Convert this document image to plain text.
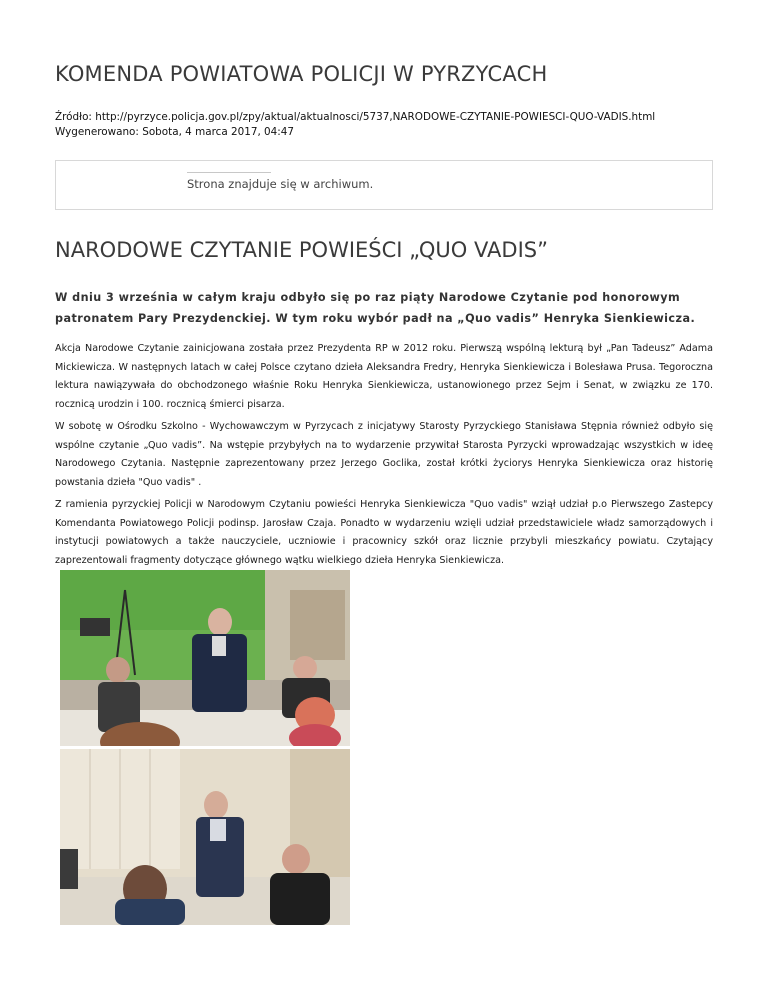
KOMENDA POWIATOWA POLICJI W PYRZYCACH
Źródło: http://pyrzyce.policja.gov.pl/zpy/aktual/aktualnosci/5737,NARODOWE-CZYTANIE-POWIESCI-QUO-VADIS.html
Wygenerowano: Sobota, 4 marca 2017, 04:47
Strona znajduje się w archiwum.
NARODOWE CZYTANIE POWIEŚCI „QUO VADIS”

W dniu 3 września w całym kraju odbyło się po raz piąty Narodowe Czytanie pod honorowym patronatem Pary Prezydenckiej. W tym roku wybór padł na „Quo vadis” Henryka Sienkiewicza.

Akcja Narodowe Czytanie zainicjowana została przez Prezydenta RP w 2012 roku. Pierwszą wspólną lekturą był „Pan Tadeusz” Adama Mickiewicza. W następnych latach w całej Polsce czytano dzieła Aleksandra Fredry, Henryka Sienkiewicza i Bolesława Prusa. Tegoroczna lektura nawiązywała do obchodzonego właśnie Roku Henryka Sienkiewicza, ustanowionego przez Sejm i Senat, w związku ze 170. rocznicą urodzin i 100. rocznicą śmierci pisarza.

W sobotę w Ośrodku Szkolno - Wychowawczym w Pyrzycach z inicjatywy Starosty Pyrzyckiego Stanisława Stępnia również odbyło się wspólne czytanie „Quo vadis”. Na wstępie przybyłych na to wydarzenie przywitał Starosta Pyrzycki wprowadzając wszystkich w ideę Narodowego Czytania. Następnie zaprezentowany przez Jerzego Goclika, został krótki życiorys Henryka Sienkiewicza oraz historię powstania dzieła "Quo vadis" .

Z ramienia pyrzyckiej Policji w Narodowym Czytaniu powieści Henryka Sienkiewicza "Quo vadis" wziął udział p.o Pierwszego Zastepcy Komendanta Powiatowego Policji podinsp. Jarosław Czaja. Ponadto w wydarzeniu wzięli udział przedstawiciele władz samorządowych i instytucji powiatowych a także nauczyciele, uczniowie i pracownicy szkół oraz licznie przybyli mieszkańcy powiatu. Czytający zaprezentowali fragmenty dotyczące głównego wątku wielkiego dzieła Henryka Sienkiewicza.
